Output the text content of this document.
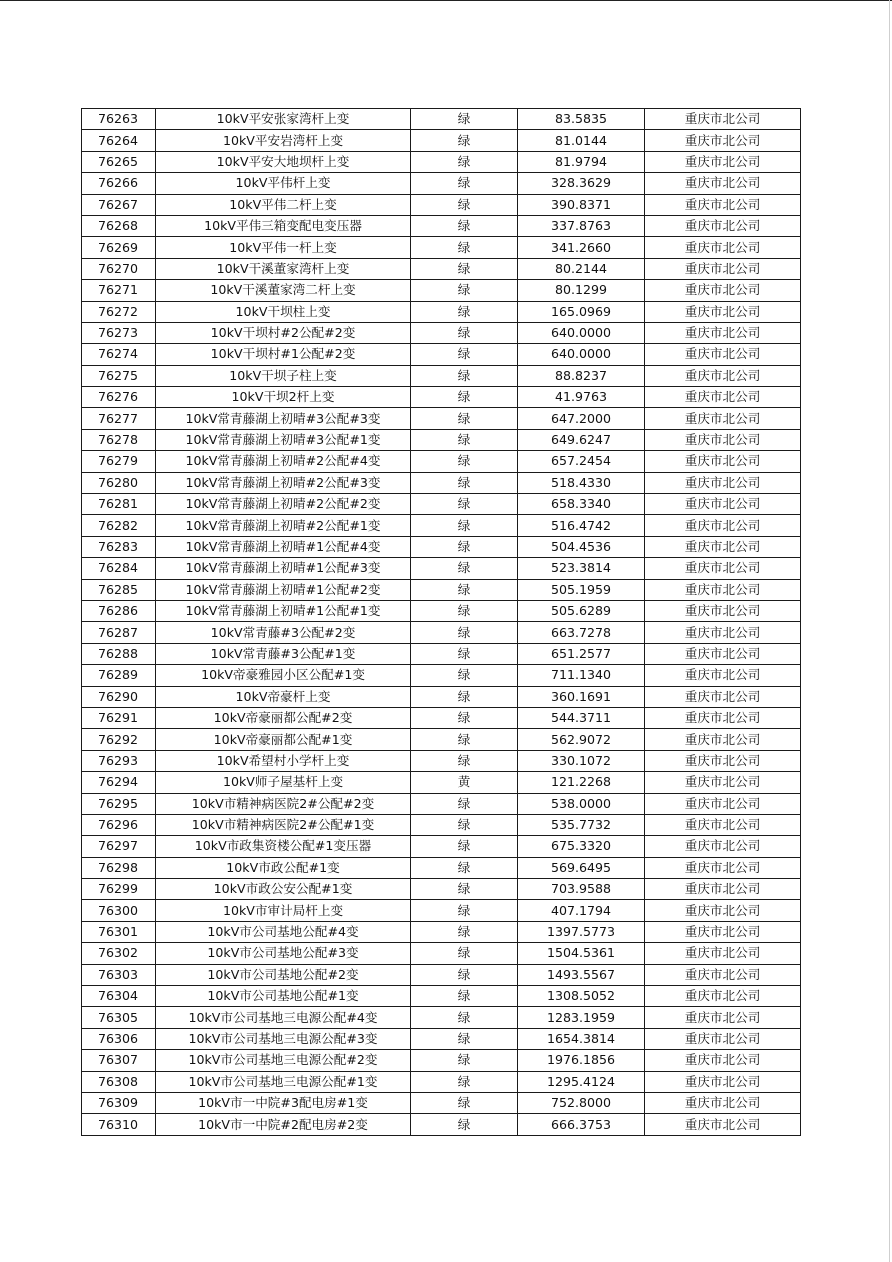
76263	10kV平安张家湾杆上变	绿	83.5835	重庆市北公司
76264	10kV平安岩湾杆上变	绿	81.0144	重庆市北公司
76265	10kV平安大地坝杆上变	绿	81.9794	重庆市北公司
76266	10kV平伟杆上变	绿	328.3629	重庆市北公司
76267	10kV平伟二杆上变	绿	390.8371	重庆市北公司
76268	10kV平伟三箱变配电变压器	绿	337.8763	重庆市北公司
76269	10kV平伟一杆上变	绿	341.2660	重庆市北公司
76270	10kV干溪董家湾杆上变	绿	80.2144	重庆市北公司
76271	10kV干溪董家湾二杆上变	绿	80.1299	重庆市北公司
76272	10kV干坝柱上变	绿	165.0969	重庆市北公司
76273	10kV干坝村#2公配#2变	绿	640.0000	重庆市北公司
76274	10kV干坝村#1公配#2变	绿	640.0000	重庆市北公司
76275	10kV干坝子柱上变	绿	88.8237	重庆市北公司
76276	10kV干坝2杆上变	绿	41.9763	重庆市北公司
76277	10kV常青藤湖上初晴#3公配#3变	绿	647.2000	重庆市北公司
76278	10kV常青藤湖上初晴#3公配#1变	绿	649.6247	重庆市北公司
76279	10kV常青藤湖上初晴#2公配#4变	绿	657.2454	重庆市北公司
76280	10kV常青藤湖上初晴#2公配#3变	绿	518.4330	重庆市北公司
76281	10kV常青藤湖上初晴#2公配#2变	绿	658.3340	重庆市北公司
76282	10kV常青藤湖上初晴#2公配#1变	绿	516.4742	重庆市北公司
76283	10kV常青藤湖上初晴#1公配#4变	绿	504.4536	重庆市北公司
76284	10kV常青藤湖上初晴#1公配#3变	绿	523.3814	重庆市北公司
76285	10kV常青藤湖上初晴#1公配#2变	绿	505.1959	重庆市北公司
76286	10kV常青藤湖上初晴#1公配#1变	绿	505.6289	重庆市北公司
76287	10kV常青藤#3公配#2变	绿	663.7278	重庆市北公司
76288	10kV常青藤#3公配#1变	绿	651.2577	重庆市北公司
76289	10kV帝豪雅园小区公配#1变	绿	711.1340	重庆市北公司
76290	10kV帝豪杆上变	绿	360.1691	重庆市北公司
76291	10kV帝豪丽都公配#2变	绿	544.3711	重庆市北公司
76292	10kV帝豪丽都公配#1变	绿	562.9072	重庆市北公司
76293	10kV希望村小学杆上变	绿	330.1072	重庆市北公司
76294	10kV师子屋基杆上变	黄	121.2268	重庆市北公司
76295	10kV市精神病医院2#公配#2变	绿	538.0000	重庆市北公司
76296	10kV市精神病医院2#公配#1变	绿	535.7732	重庆市北公司
76297	10kV市政集资楼公配#1变压器	绿	675.3320	重庆市北公司
76298	10kV市政公配#1变	绿	569.6495	重庆市北公司
76299	10kV市政公安公配#1变	绿	703.9588	重庆市北公司
76300	10kV市审计局杆上变	绿	407.1794	重庆市北公司
76301	10kV市公司基地公配#4变	绿	1397.5773	重庆市北公司
76302	10kV市公司基地公配#3变	绿	1504.5361	重庆市北公司
76303	10kV市公司基地公配#2变	绿	1493.5567	重庆市北公司
76304	10kV市公司基地公配#1变	绿	1308.5052	重庆市北公司
76305	10kV市公司基地三电源公配#4变	绿	1283.1959	重庆市北公司
76306	10kV市公司基地三电源公配#3变	绿	1654.3814	重庆市北公司
76307	10kV市公司基地三电源公配#2变	绿	1976.1856	重庆市北公司
76308	10kV市公司基地三电源公配#1变	绿	1295.4124	重庆市北公司
76309	10kV市一中院#3配电房#1变	绿	752.8000	重庆市北公司
76310	10kV市一中院#2配电房#2变	绿	666.3753	重庆市北公司
